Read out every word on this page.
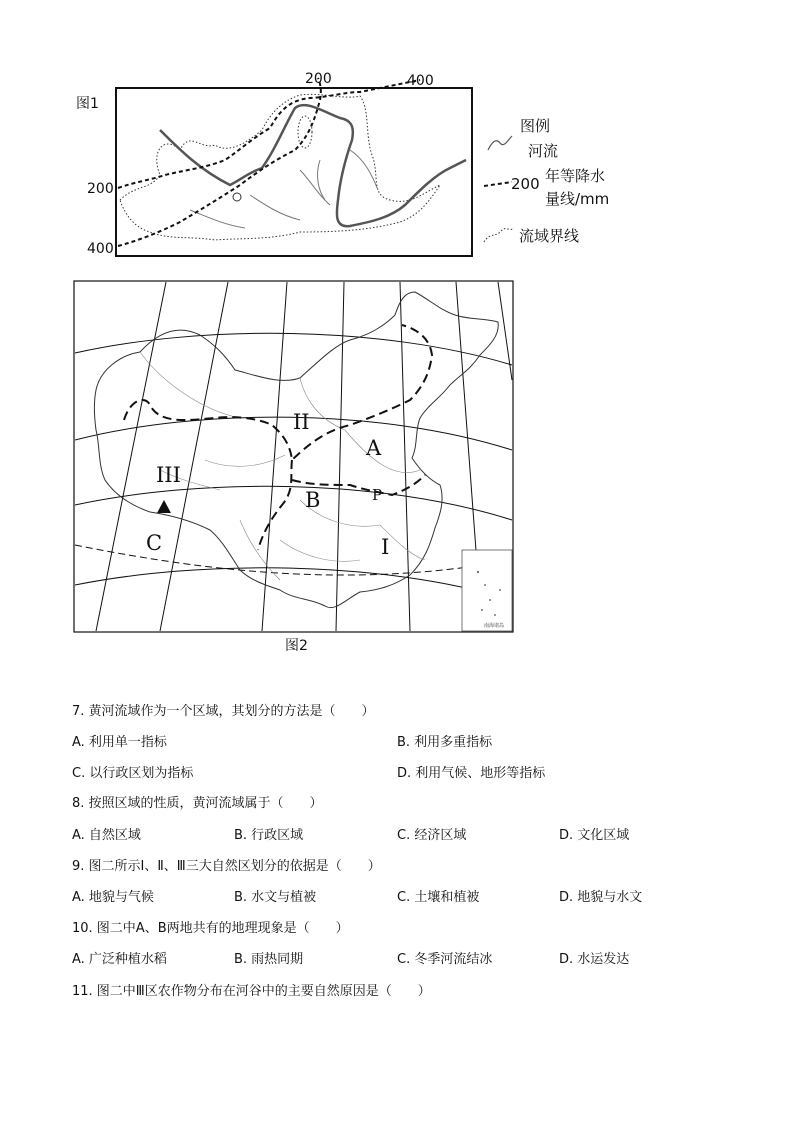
图1
200	400
200
400
图例
河流
200 年等降水
量线/mm
流域界线
II
A
III
B	P
C	I
南海诸岛
图2
7. 黄河流域作为一个区域，其划分的方法是（　　）
A. 利用单一指标	B. 利用多重指标
C. 以行政区划为指标	D. 利用气候、地形等指标
8. 按照区域的性质，黄河流域属于（　　）
A. 自然区域	B. 行政区域	C. 经济区域	D. 文化区域
9. 图二所示Ⅰ、Ⅱ、Ⅲ三大自然区划分的依据是（　　）
A. 地貌与气候	B. 水文与植被	C. 土壤和植被	D. 地貌与水文
10. 图二中A、B两地共有的地理现象是（　　）
A. 广泛种植水稻	B. 雨热同期	C. 冬季河流结冰	D. 水运发达
11. 图二中Ⅲ区农作物分布在河谷中的主要自然原因是（　　）
